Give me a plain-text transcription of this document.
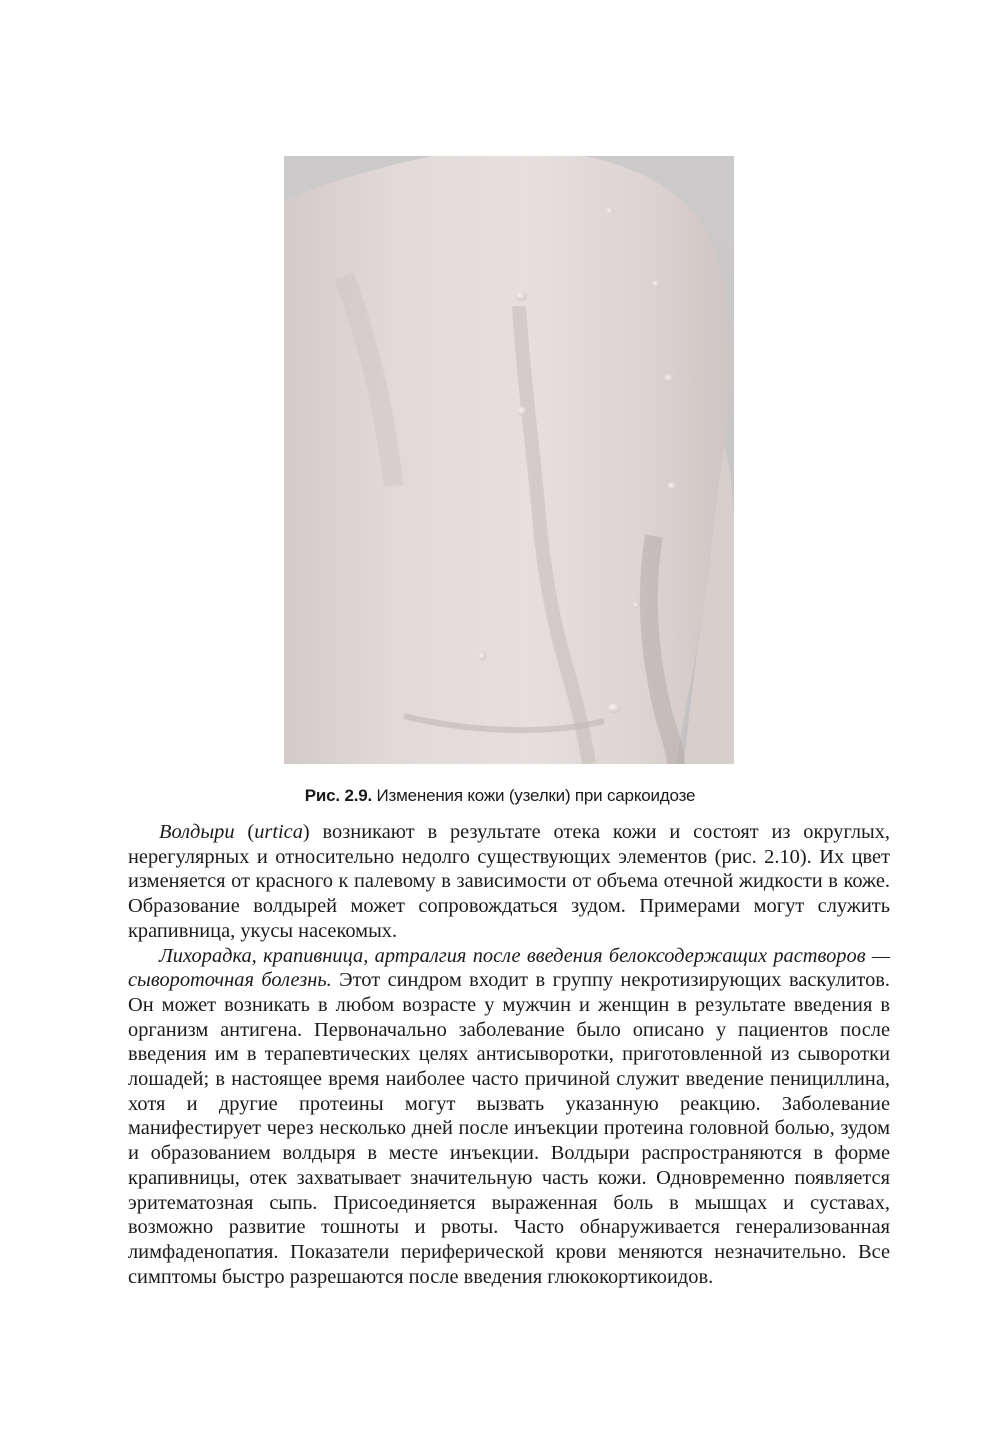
Рис. 2.9. Изменения кожи (узелки) при саркоидозе

Волдыри (urtica) возникают в результате отека кожи и состоят из округлых, нерегулярных и относительно недолго существующих элементов (рис. 2.10). Их цвет изменяется от красного к палевому в зависимости от объема отечной жидкости в коже. Образование волдырей может сопровождаться зудом. Примерами могут служить крапивница, укусы насекомых.

Лихорадка, крапивница, артралгия после введения белоксодержащих растворов — сывороточная болезнь. Этот синдром входит в группу некротизирующих васкулитов. Он может возникать в любом возрасте у мужчин и женщин в результате введения в организм антигена. Первоначально заболевание было описано у пациентов после введения им в терапевтических целях антисыворотки, приготовленной из сыворотки лошадей; в настоящее время наиболее часто причиной служит введение пенициллина, хотя и другие протеины могут вызвать указанную реакцию. Заболевание манифестирует через несколько дней после инъекции протеина головной болью, зудом и образованием волдыря в месте инъекции. Волдыри распространяются в форме крапивницы, отек захватывает значительную часть кожи. Одновременно появляется эритематозная сыпь. Присоединяется выраженная боль в мышцах и суставах, возможно развитие тошноты и рвоты. Часто обнаруживается генерализованная лимфаденопатия. Показатели периферической крови меняются незначительно. Все симптомы быстро разрешаются после введения глюкокортикоидов.
